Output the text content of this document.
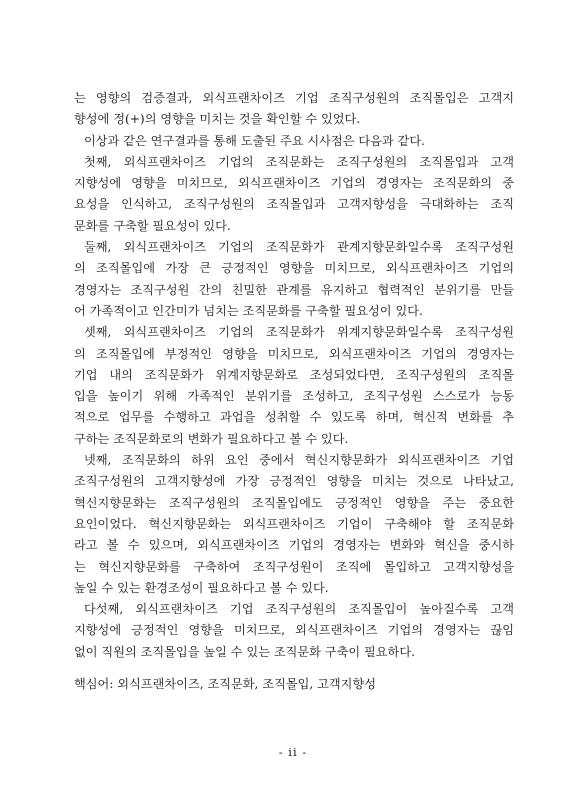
는 영향의 검증결과, 외식프랜차이즈 기업 조직구성원의 조직몰입은 고객지
향성에 정(+)의 영향을 미치는 것을 확인할 수 있었다.
이상과 같은 연구결과를 통해 도출된 주요 시사점은 다음과 같다.
첫째, 외식프랜차이즈 기업의 조직문화는 조직구성원의 조직몰입과 고객
지향성에 영향을 미치므로, 외식프랜차이즈 기업의 경영자는 조직문화의 중
요성을 인식하고, 조직구성원의 조직몰입과 고객지향성을 극대화하는 조직
문화를 구축할 필요성이 있다.
둘째, 외식프랜차이즈 기업의 조직문화가 관계지향문화일수록 조직구성원
의 조직몰입에 가장 큰 긍정적인 영향을 미치므로, 외식프랜차이즈 기업의
경영자는 조직구성원 간의 친밀한 관계를 유지하고 협력적인 분위기를 만들
어 가족적이고 인간미가 넘치는 조직문화를 구축할 필요성이 있다.
셋째, 외식프랜차이즈 기업의 조직문화가 위계지향문화일수록 조직구성원
의 조직몰입에 부정적인 영향을 미치므로, 외식프랜차이즈 기업의 경영자는
기업 내의 조직문화가 위계지향문화로 조성되었다면, 조직구성원의 조직몰
입을 높이기 위해 가족적인 분위기를 조성하고, 조직구성원 스스로가 능동
적으로 업무를 수행하고 과업을 성취할 수 있도록 하며, 혁신적 변화를 추
구하는 조직문화로의 변화가 필요하다고 볼 수 있다.
넷째, 조직문화의 하위 요인 중에서 혁신지향문화가 외식프랜차이즈 기업
조직구성원의 고객지향성에 가장 긍정적인 영향을 미치는 것으로 나타났고,
혁신지향문화는 조직구성원의 조직몰입에도 긍정적인 영향을 주는 중요한
요인이었다. 혁신지향문화는 외식프랜차이즈 기업이 구축해야 할 조직문화
라고 볼 수 있으며, 외식프랜차이즈 기업의 경영자는 변화와 혁신을 중시하
는 혁신지향문화를 구축하여 조직구성원이 조직에 몰입하고 고객지향성을
높일 수 있는 환경조성이 필요하다고 볼 수 있다.
다섯째, 외식프랜차이즈 기업 조직구성원의 조직몰입이 높아질수록 고객
지향성에 긍정적인 영향을 미치므로, 외식프랜차이즈 기업의 경영자는 끊임
없이 직원의 조직몰입을 높일 수 있는 조직문화 구축이 필요하다.
핵심어: 외식프랜차이즈, 조직문화, 조직몰입, 고객지향성
- ii -
